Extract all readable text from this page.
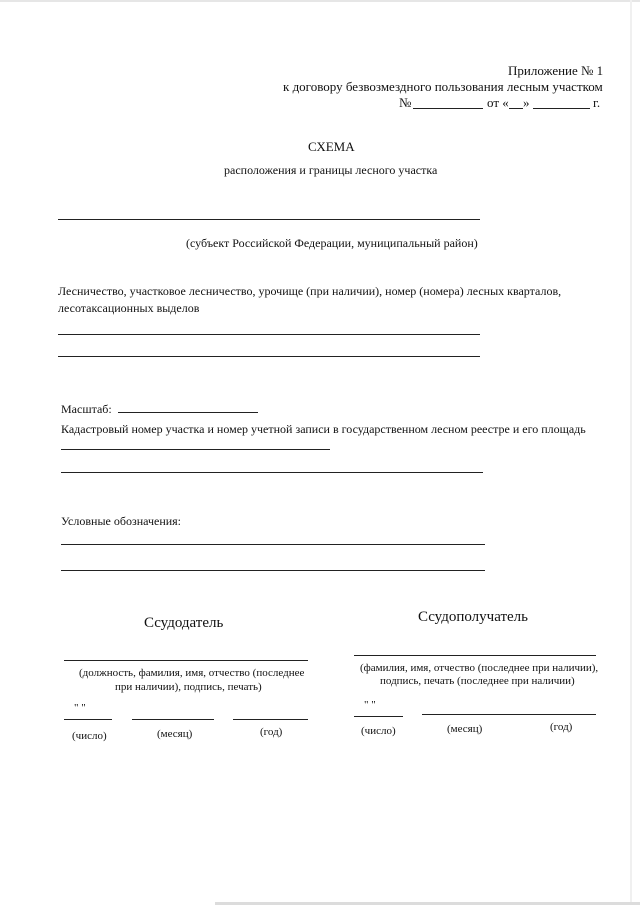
Приложение № 1
к договору безвозмездного пользования лесным участком
№	от « »	г.
СХЕМА
расположения и границы лесного участка
(субъект Российской Федерации, муниципальный район)
Лесничество, участковое лесничество, урочище (при наличии), номер (номера) лесных кварталов,
лесотаксационных выделов
Масштаб:
Кадастровый номер участка и номер учетной записи в государственном лесном реестре и его площадь
Условные обозначения:
Ссудодатель
(должность, фамилия, имя, отчество (последнее
при наличии), подпись, печать)
" "
(число)	(месяц)	(год)
Ссудополучатель
(фамилия, имя, отчество (последнее при наличии),
подпись, печать (последнее при наличии)
" "
(число)	(месяц)	(год)
